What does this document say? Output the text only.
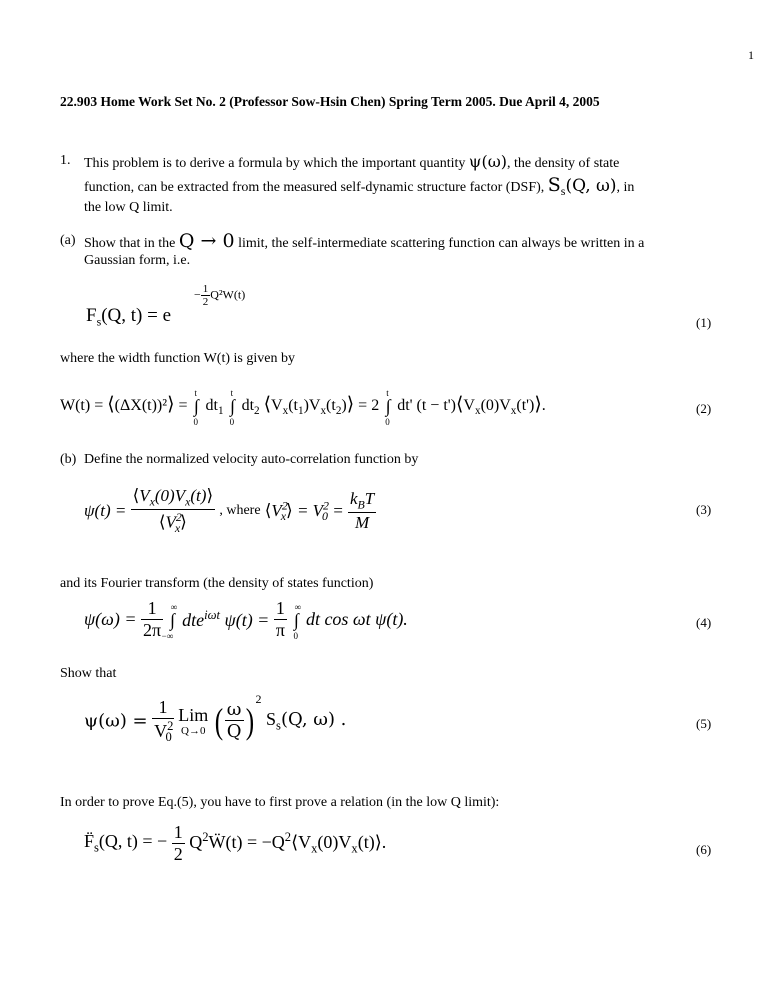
1
22.903 Home Work Set No. 2 (Professor Sow-Hsin Chen) Spring Term 2005. Due April 4, 2005
1. This problem is to derive a formula by which the important quantity ψ(ω), the density of state
function, can be extracted from the measured self-dynamic structure factor (DSF), $S_s(Q$, ω), in
the low Q limit.
(a) Show that in the Q → 0 limit, the self-intermediate scattering function can always be written in a
Gaussian form, i.e.
$F_s(Q$, t) = e
− $\frac{1}{2} Q^2W(t)$
(1)
where the width function W(t) is given by
W(t) = ⟨(ΔX(t))²⟩ =
t
∫
0
$dt_1$
t
∫
0
$dt_2$ $⟨V_x(t_1)V_x(t_2)⟩ = 2$
t
∫
0
dt' $(t - t')⟨V_x(0)V_x(t')⟩$.	(2)
(b) Define the normalized velocity auto-correlation function by
$\psi(t) = \frac{⟨V_x(0)V_x(t)⟩}{⟨V^2_x⟩}$ , where $⟨V^2_x⟩ = V^2_0 = \frac{k_BT}{M}$	(3)
and its Fourier transform (the density of states function)
$\psi(\omega) = \frac{1}{2\pi}$
∞
∫
−∞
dte$^{i\omega t}$ $\psi(t) = \frac{1}{\pi}$
∞
∫
0
dt cos ωt ψ(t).	(4)
Show that
$\psi(\omega) = \frac{1}{V^2_0}$ Lim
Q→0 ( $\frac{\omega}{Q} )^2$ $S_s(Q$, ω) .	(5)
In order to prove Eq.(5), you have to first prove a relation (in the low Q limit):
$F̈_s(Q$, t) = − $\frac{1}{2}$ $Q^2Ẅ(t)$ = $-Q^2⟨V_x(0)V_x(t)⟩$.	(6)
